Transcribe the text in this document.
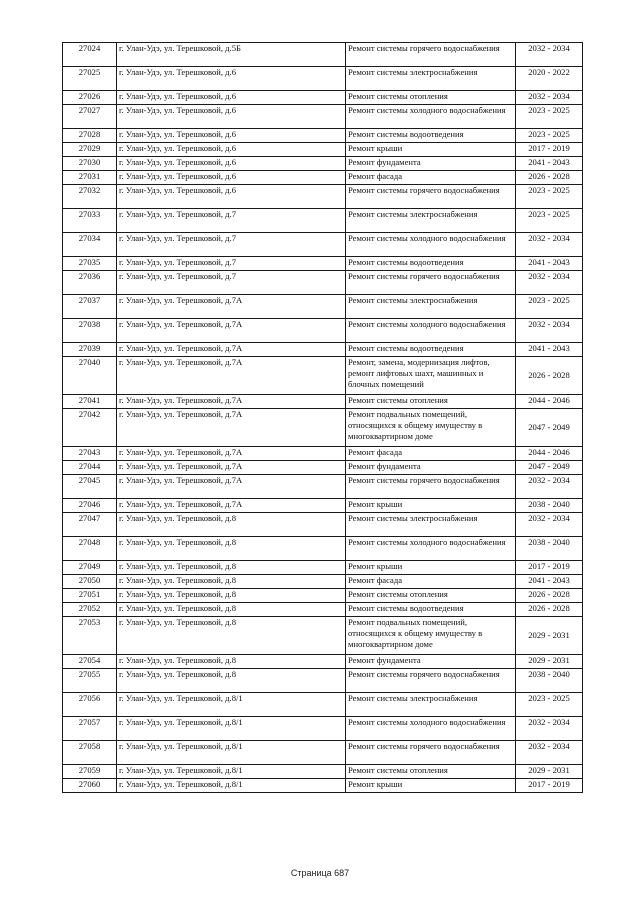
27024	г. Улан-Удэ, ул. Терешковой, д.5Б	Ремонт системы горячего водоснабжения	2032 - 2034
27025	г. Улан-Удэ, ул. Терешковой, д.6	Ремонт системы электроснабжения	2020 - 2022
27026	г. Улан-Удэ, ул. Терешковой, д.6	Ремонт системы отопления	2032 - 2034
27027	г. Улан-Удэ, ул. Терешковой, д.6	Ремонт системы холодного водоснабжения	2023 - 2025
27028	г. Улан-Удэ, ул. Терешковой, д.6	Ремонт системы водоотведения	2023 - 2025
27029	г. Улан-Удэ, ул. Терешковой, д.6	Ремонт крыши	2017 - 2019
27030	г. Улан-Удэ, ул. Терешковой, д.6	Ремонт фундамента	2041 - 2043
27031	г. Улан-Удэ, ул. Терешковой, д.6	Ремонт фасада	2026 - 2028
27032	г. Улан-Удэ, ул. Терешковой, д.6	Ремонт системы горячего водоснабжения	2023 - 2025
27033	г. Улан-Удэ, ул. Терешковой, д.7	Ремонт системы электроснабжения	2023 - 2025
27034	г. Улан-Удэ, ул. Терешковой, д.7	Ремонт системы холодного водоснабжения	2032 - 2034
27035	г. Улан-Удэ, ул. Терешковой, д.7	Ремонт системы водоотведения	2041 - 2043
27036	г. Улан-Удэ, ул. Терешковой, д.7	Ремонт системы горячего водоснабжения	2032 - 2034
27037	г. Улан-Удэ, ул. Терешковой, д.7А	Ремонт системы электроснабжения	2023 - 2025
27038	г. Улан-Удэ, ул. Терешковой, д.7А	Ремонт системы холодного водоснабжения	2032 - 2034
27039	г. Улан-Удэ, ул. Терешковой, д.7А	Ремонт системы водоотведения	2041 - 2043
27040	г. Улан-Удэ, ул. Терешковой, д.7А	Ремонт, замена, модернизация лифтов, ремонт лифтовых шахт, машинных и блочных помещений	2026 - 2028
27041	г. Улан-Удэ, ул. Терешковой, д.7А	Ремонт системы отопления	2044 - 2046
27042	г. Улан-Удэ, ул. Терешковой, д.7А	Ремонт подвальных помещений, относящихся к общему имуществу в многоквартирном доме	2047 - 2049
27043	г. Улан-Удэ, ул. Терешковой, д.7А	Ремонт фасада	2044 - 2046
27044	г. Улан-Удэ, ул. Терешковой, д.7А	Ремонт фундамента	2047 - 2049
27045	г. Улан-Удэ, ул. Терешковой, д.7А	Ремонт системы горячего водоснабжения	2032 - 2034
27046	г. Улан-Удэ, ул. Терешковой, д.7А	Ремонт крыши	2038 - 2040
27047	г. Улан-Удэ, ул. Терешковой, д.8	Ремонт системы электроснабжения	2032 - 2034
27048	г. Улан-Удэ, ул. Терешковой, д.8	Ремонт системы холодного водоснабжения	2038 - 2040
27049	г. Улан-Удэ, ул. Терешковой, д.8	Ремонт крыши	2017 - 2019
27050	г. Улан-Удэ, ул. Терешковой, д.8	Ремонт фасада	2041 - 2043
27051	г. Улан-Удэ, ул. Терешковой, д.8	Ремонт системы отопления	2026 - 2028
27052	г. Улан-Удэ, ул. Терешковой, д.8	Ремонт системы водоотведения	2026 - 2028
27053	г. Улан-Удэ, ул. Терешковой, д.8	Ремонт подвальных помещений, относящихся к общему имуществу в многоквартирном доме	2029 - 2031
27054	г. Улан-Удэ, ул. Терешковой, д.8	Ремонт фундамента	2029 - 2031
27055	г. Улан-Удэ, ул. Терешковой, д.8	Ремонт системы горячего водоснабжения	2038 - 2040
27056	г. Улан-Удэ, ул. Терешковой, д.8/1	Ремонт системы электроснабжения	2023 - 2025
27057	г. Улан-Удэ, ул. Терешковой, д.8/1	Ремонт системы холодного водоснабжения	2032 - 2034
27058	г. Улан-Удэ, ул. Терешковой, д.8/1	Ремонт системы горячего водоснабжения	2032 - 2034
27059	г. Улан-Удэ, ул. Терешковой, д.8/1	Ремонт системы отопления	2029 - 2031
27060	г. Улан-Удэ, ул. Терешковой, д.8/1	Ремонт крыши	2017 - 2019
Страница 687
